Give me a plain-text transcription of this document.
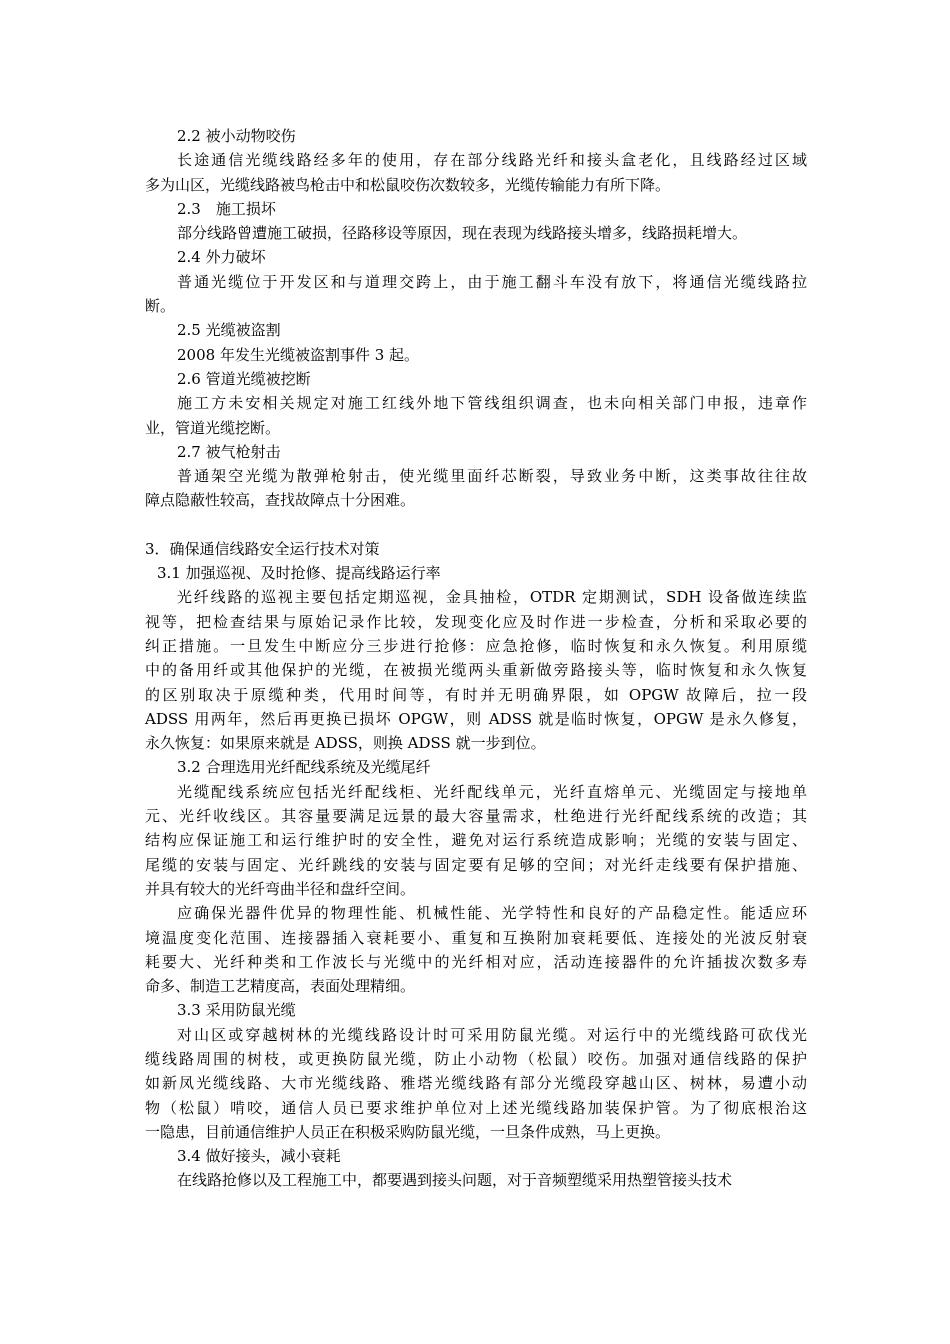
2.2 被小动物咬伤
长途通信光缆线路经多年的使用，存在部分线路光纤和接头盒老化，且线路经过区域
多为山区，光缆线路被鸟枪击中和松鼠咬伤次数较多，光缆传输能力有所下降。
2.3　施工损坏
部分线路曾遭施工破损，径路移设等原因，现在表现为线路接头增多，线路损耗增大。
2.4 外力破坏
普通光缆位于开发区和与道理交跨上，由于施工翻斗车没有放下，将通信光缆线路拉
断。
2.5 光缆被盗割
2008 年发生光缆被盗割事件 3 起。
2.6 管道光缆被挖断
施工方未安相关规定对施工红线外地下管线组织调查，也未向相关部门申报，违章作
业，管道光缆挖断。
2.7 被气枪射击
普通架空光缆为散弹枪射击，使光缆里面纤芯断裂，导致业务中断，这类事故往往故
障点隐蔽性较高，查找故障点十分困难。
3．确保通信线路安全运行技术对策
3.1 加强巡视、及时抢修、提高线路运行率
光纤线路的巡视主要包括定期巡视，金具抽检，OTDR 定期测试，SDH 设备做连续监
视等，把检查结果与原始记录作比较，发现变化应及时作进一步检查，分析和采取必要的
纠正措施。一旦发生中断应分三步进行抢修：应急抢修，临时恢复和永久恢复。利用原缆
中的备用纤或其他保护的光缆，在被损光缆两头重新做旁路接头等，临时恢复和永久恢复
的区别取决于原缆种类，代用时间等，有时并无明确界限，如 OPGW 故障后，拉一段
ADSS 用两年，然后再更换已损坏 OPGW，则 ADSS 就是临时恢复，OPGW 是永久修复，
永久恢复：如果原来就是 ADSS，则换 ADSS 就一步到位。
3.2 合理选用光纤配线系统及光缆尾纤
光缆配线系统应包括光纤配线柜、光纤配线单元，光纤直熔单元、光缆固定与接地单
元、光纤收线区。其容量要满足远景的最大容量需求，杜绝进行光纤配线系统的改造；其
结构应保证施工和运行维护时的安全性，避免对运行系统造成影响；光缆的安装与固定、
尾缆的安装与固定、光纤跳线的安装与固定要有足够的空间；对光纤走线要有保护措施、
并具有较大的光纤弯曲半径和盘纤空间。
应确保光器件优异的物理性能、机械性能、光学特性和良好的产品稳定性。能适应环
境温度变化范围、连接器插入衰耗要小、重复和互换附加衰耗要低、连接处的光波反射衰
耗要大、光纤种类和工作波长与光缆中的光纤相对应，活动连接器件的允许插拔次数多寿
命多、制造工艺精度高，表面处理精细。
3.3 采用防鼠光缆
对山区或穿越树林的光缆线路设计时可采用防鼠光缆。对运行中的光缆线路可砍伐光
缆线路周围的树枝，或更换防鼠光缆，防止小动物（松鼠）咬伤。加强对通信线路的保护
如新凤光缆线路、大市光缆线路、雅塔光缆线路有部分光缆段穿越山区、树林，易遭小动
物（松鼠）啃咬，通信人员已要求维护单位对上述光缆线路加装保护管。为了彻底根治这
一隐患，目前通信维护人员正在积极采购防鼠光缆，一旦条件成熟，马上更换。
3.4 做好接头，减小衰耗
在线路抢修以及工程施工中，都要遇到接头问题，对于音频塑缆采用热塑管接头技术
